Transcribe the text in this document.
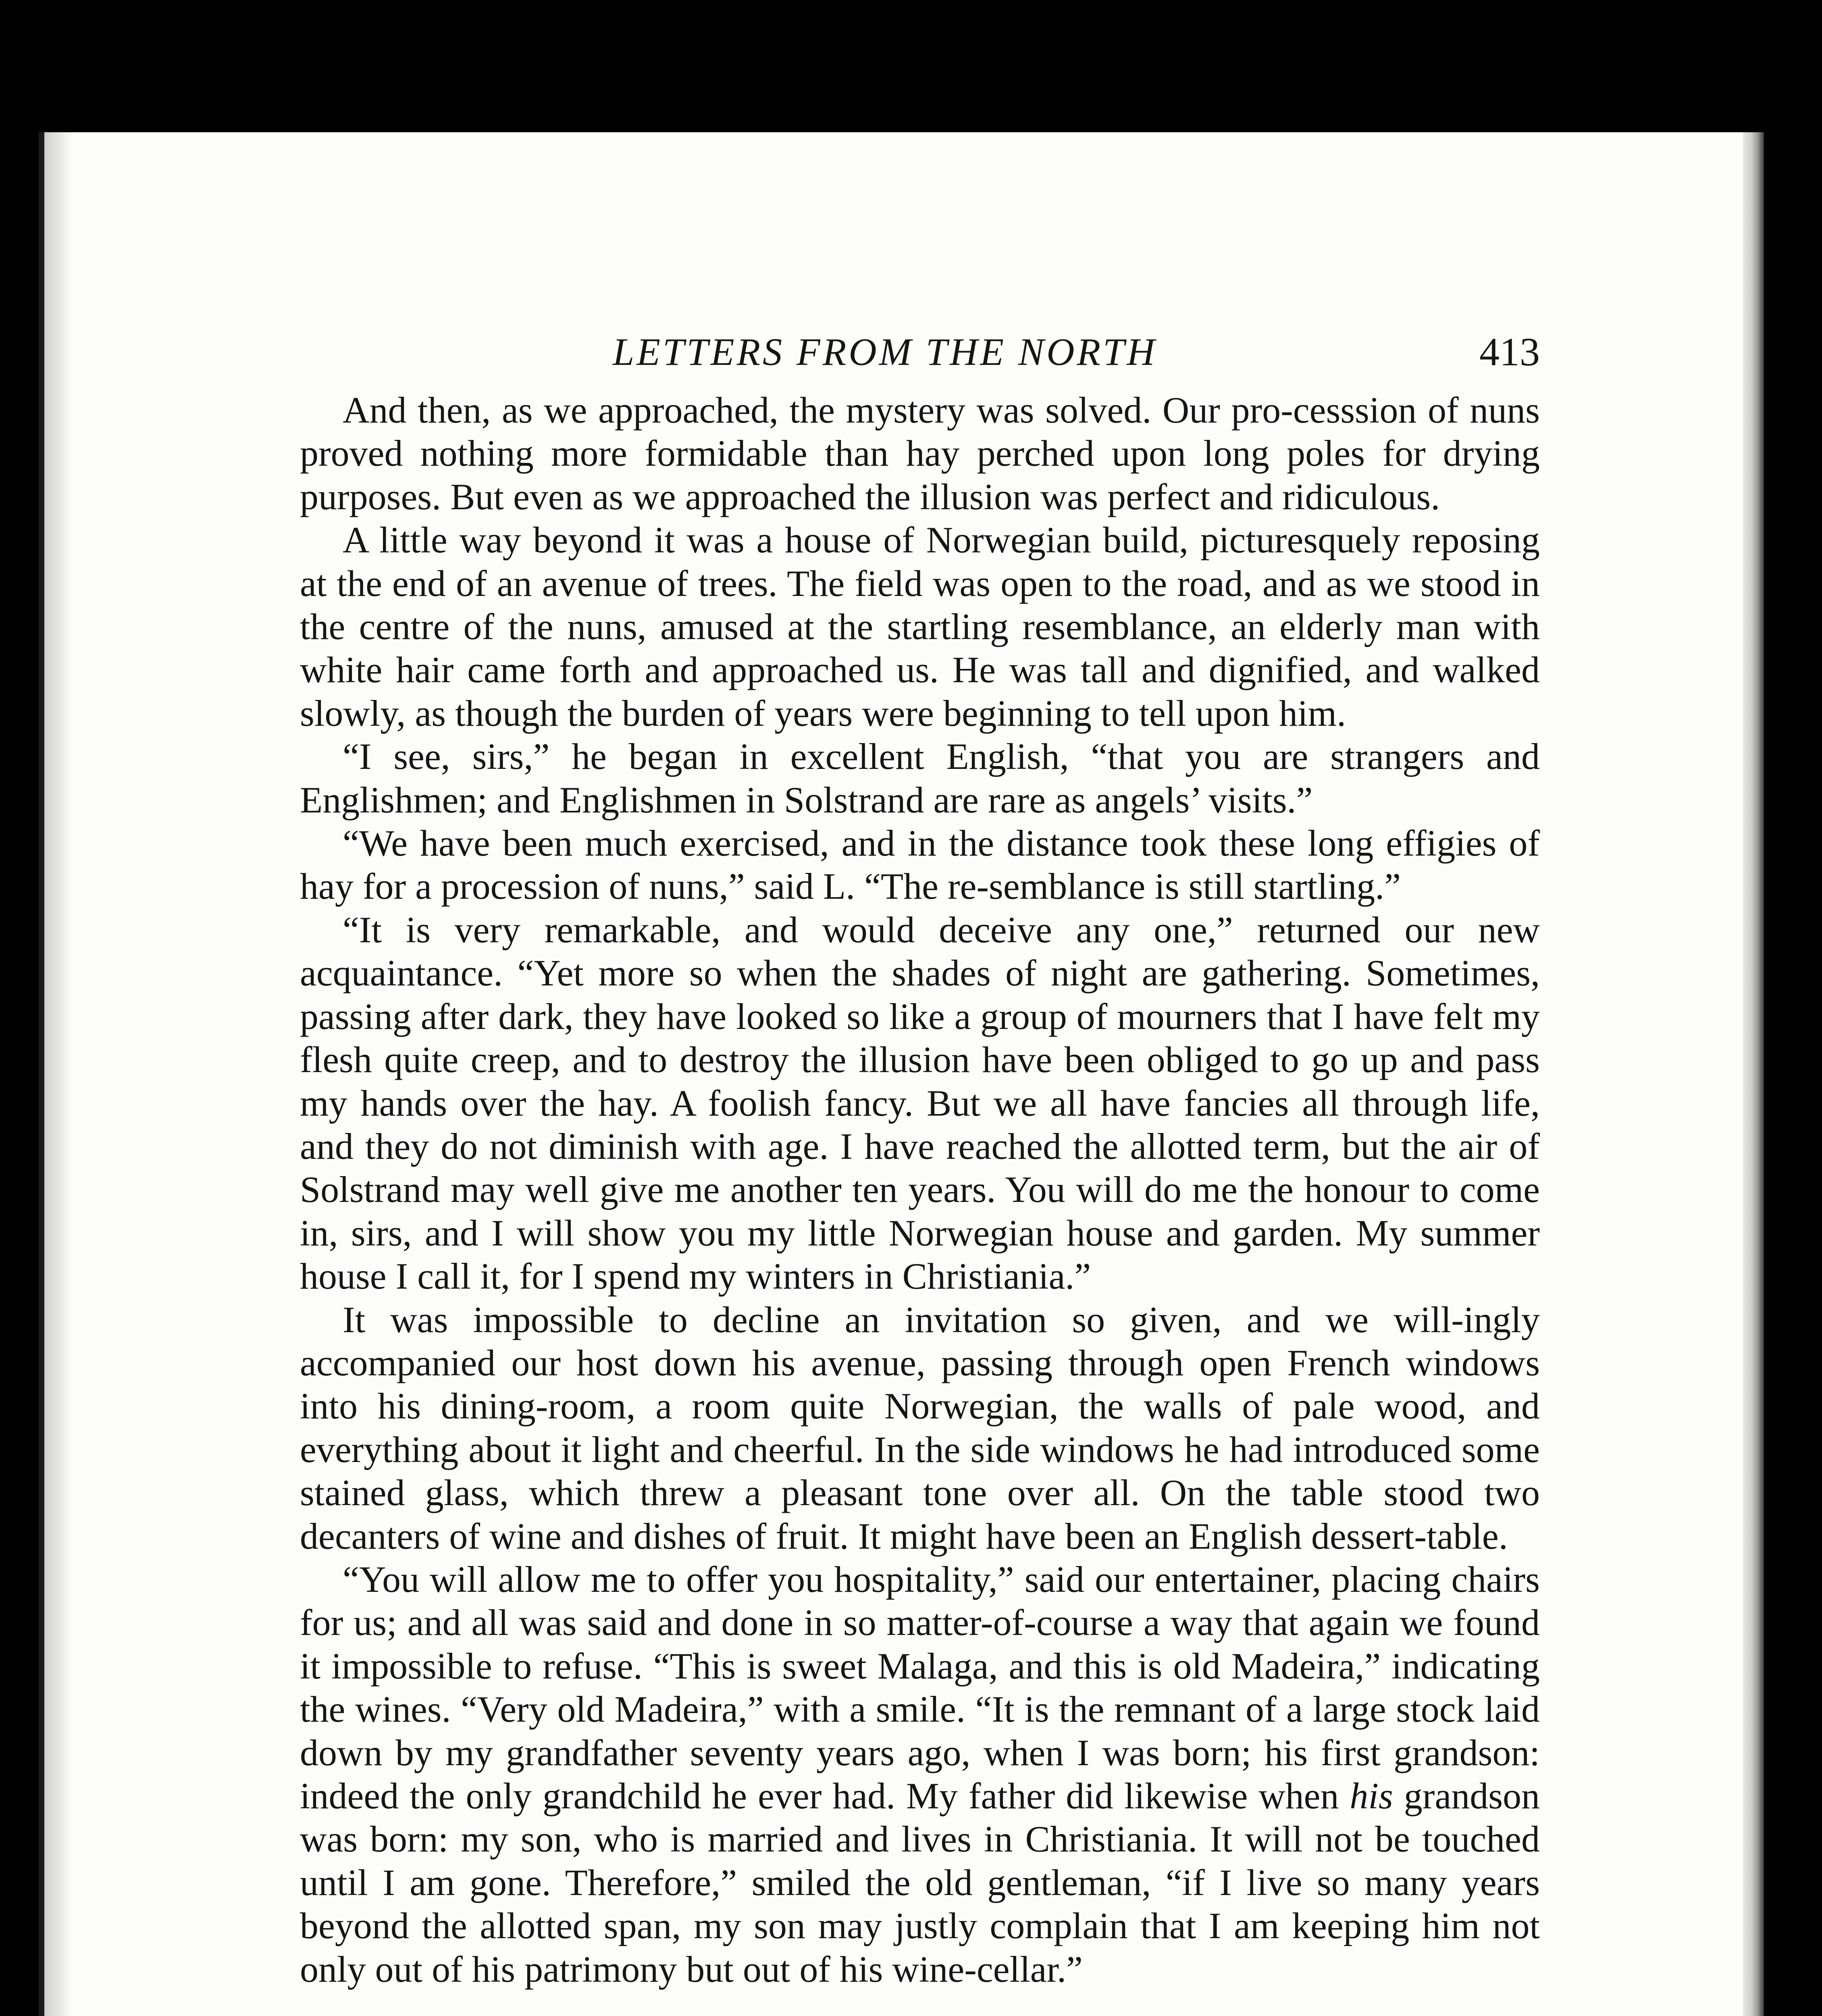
LETTERS FROM THE NORTH	413

And then, as we approached, the mystery was solved. Our pro-cesssion of nuns proved nothing more formidable than hay perched upon long poles for drying purposes. But even as we approached the illusion was perfect and ridiculous.

A little way beyond it was a house of Norwegian build, picturesquely reposing at the end of an avenue of trees. The field was open to the road, and as we stood in the centre of the nuns, amused at the startling resemblance, an elderly man with white hair came forth and approached us. He was tall and dignified, and walked slowly, as though the burden of years were beginning to tell upon him.

“I see, sirs,” he began in excellent English, “that you are strangers and Englishmen; and Englishmen in Solstrand are rare as angels’ visits.”

“We have been much exercised, and in the distance took these long effigies of hay for a procession of nuns,” said L. “The re-semblance is still startling.”

“It is very remarkable, and would deceive any one,” returned our new acquaintance. “Yet more so when the shades of night are gathering. Sometimes, passing after dark, they have looked so like a group of mourners that I have felt my flesh quite creep, and to destroy the illusion have been obliged to go up and pass my hands over the hay. A foolish fancy. But we all have fancies all through life, and they do not diminish with age. I have reached the allotted term, but the air of Solstrand may well give me another ten years. You will do me the honour to come in, sirs, and I will show you my little Norwegian house and garden. My summer house I call it, for I spend my winters in Christiania.”

It was impossible to decline an invitation so given, and we will-ingly accompanied our host down his avenue, passing through open French windows into his dining-room, a room quite Norwegian, the walls of pale wood, and everything about it light and cheerful. In the side windows he had introduced some stained glass, which threw a pleasant tone over all. On the table stood two decanters of wine and dishes of fruit. It might have been an English dessert-table.

“You will allow me to offer you hospitality,” said our entertainer, placing chairs for us; and all was said and done in so matter-of-course a way that again we found it impossible to refuse. “This is sweet Malaga, and this is old Madeira,” indicating the wines. “Very old Madeira,” with a smile. “It is the remnant of a large stock laid down by my grandfather seventy years ago, when I was born; his first grandson: indeed the only grandchild he ever had. My father did likewise when his grandson was born: my son, who is married and lives in Christiania. It will not be touched until I am gone. Therefore,” smiled the old gentleman, “if I live so many years beyond the allotted span, my son may justly complain that I am keeping him not only out of his patrimony but out of his wine-cellar.”
